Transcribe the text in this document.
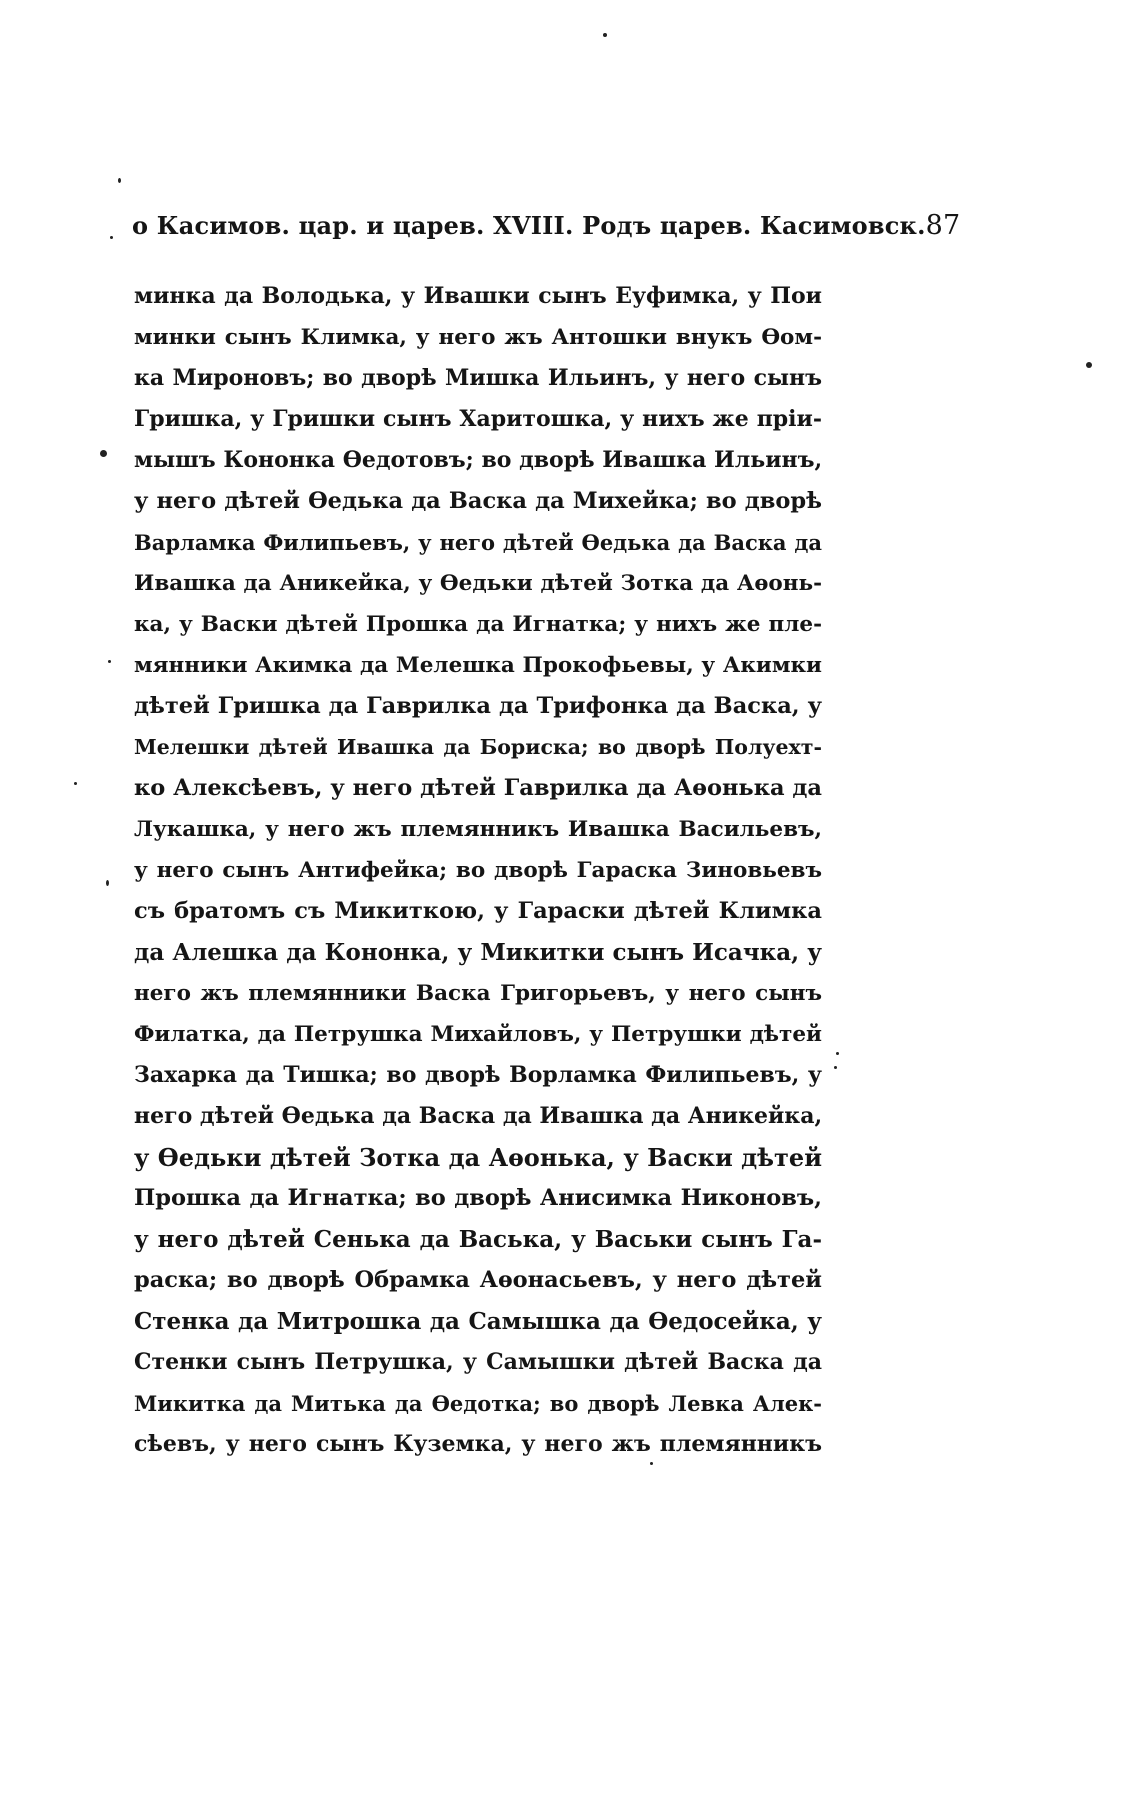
о Касимов. цар. и царев. XVIII. Родъ царев. Касимовск. 87
минка да Володька, у Ивашки сынъ Еуфимка, у Пои
минки сынъ Климка, у него жъ Антошки внукъ Ѳом-
ка Мироновъ; во дворѣ Мишка Ильинъ, у него сынъ
Гришка, у Гришки сынъ Харитошка, у нихъ же пріи-
мышъ Кононка Ѳедотовъ; во дворѣ Ивашка Ильинъ,
у него дѣтей Ѳедька да Васка да Михейка; во дворѣ
Варламка Филипьевъ, у него дѣтей Ѳедька да Васка да
Ивашка да Аникейка, у Ѳедьки дѣтей Зотка да Аѳонь-
ка, у Васки дѣтей Прошка да Игнатка; у нихъ же пле-
мянники Акимка да Мелешка Прокофьевы, у Акимки
дѣтей Гришка да Гаврилка да Трифонка да Васка, у
Мелешки дѣтей Ивашка да Бориска; во дворѣ Полуехт-
ко Алексѣевъ, у него дѣтей Гаврилка да Аѳонька да
Лукашка, у него жъ племянникъ Ивашка Васильевъ,
у него сынъ Антифейка; во дворѣ Гараска Зиновьевъ
съ братомъ съ Микиткою, у Гараски дѣтей Климка
да Алешка да Кононка, у Микитки сынъ Исачка, у
него жъ племянники Васка Григорьевъ, у него сынъ
Филатка, да Петрушка Михайловъ, у Петрушки дѣтей
Захарка да Тишка; во дворѣ Ворламка Филипьевъ, у
него дѣтей Ѳедька да Васка да Ивашка да Аникейка,
у Ѳедьки дѣтей Зотка да Аѳонька, у Васки дѣтей
Прошка да Игнатка; во дворѣ Анисимка Никоновъ,
у него дѣтей Сенька да Васька, у Васьки сынъ Га-
раска; во дворѣ Обрамка Аѳонасьевъ, у него дѣтей
Стенка да Митрошка да Самышка да Ѳедосейка, у
Стенки сынъ Петрушка, у Самышки дѣтей Васка да
Микитка да Митька да Ѳедотка; во дворѣ Левка Алек-
сѣевъ, у него сынъ Куземка, у него жъ племянникъ
